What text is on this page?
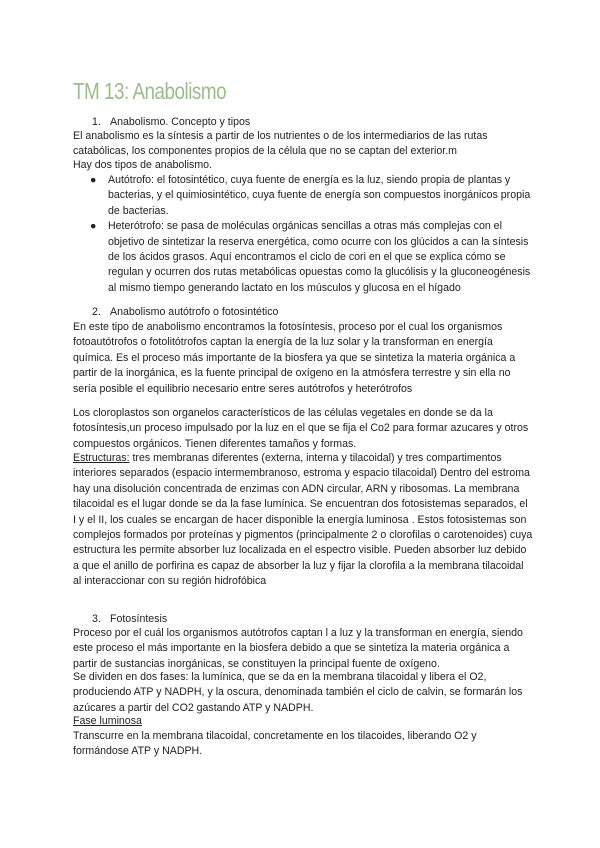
TM 13: Anabolismo
1. Anabolismo. Concepto y tipos

El anabolismo es la síntesis a partir de los nutrientes o de los intermediarios de las rutas catabólicas, los componentes propios de la célula que no se captan del exterior.m

Hay dos tipos de anabolismo.

● Autótrofo: el fotosintético, cuya fuente de energía es la luz, siendo propia de plantas y bacterias, y el quimiosintético, cuya fuente de energía son compuestos inorgánicos propia de bacterias.
● Heterótrofo: se pasa de moléculas orgánicas sencillas a otras más complejas con el objetivo de sintetizar la reserva energética, como ocurre con los glúcidos a can la síntesis de los ácidos grasos. Aquí encontramos el ciclo de cori en el que se explica cómo se regulan y ocurren dos rutas metabólicas opuestas como la glucólisis y la gluconeogénesis al mismo tiempo generando lactato en los músculos y glucosa en el hígado
2. Anabolismo autótrofo o fotosintético

En este tipo de anabolismo encontramos la fotosíntesis, proceso por el cual los organismos fotoautótrofos o fotolitótrofos captan la energía de la luz solar y la transforman en energía química. Es el proceso más importante de la biosfera ya que se sintetiza la materia orgánica a partir de la inorgánica, es la fuente principal de oxígeno en la atmósfera terrestre y sin ella no sería posible el equilibrio necesario entre seres autótrofos y heterótrofos

Los cloroplastos son organelos característicos de las células vegetales en donde se da la fotosíntesis,un proceso impulsado por la luz en el que se fija el Co2 para formar azucares y otros compuestos orgánicos. Tienen diferentes tamaños y formas.

Estructuras: tres membranas diferentes (externa, interna y tilacoidal) y tres compartimentos interiores separados (espacio intermembranoso, estroma y espacio tilacoidal) Dentro del estroma hay una disolución concentrada de enzimas con ADN circular, ARN y ribosomas. La membrana tilacoidal es el lugar donde se da la fase lumínica. Se encuentran dos fotosistemas separados, el I y el II, los cuales se encargan de hacer disponible la energía luminosa . Estos fotosistemas son complejos formados por proteínas y pigmentos (principalmente 2 o clorofilas o carotenoides) cuya estructura les permite absorber luz localizada en el espectro visible. Pueden absorber luz debido a que el anillo de porfirina es capaz de absorber la luz y fijar la clorofila a la membrana tilacoidal al interaccionar con su región hidrofóbica

3. Fotosíntesis

Proceso por el cuál los organismos autótrofos captan l a luz y la transforman en energía, siendo este proceso el más importante en la biosfera debido a que se sintetiza la materia orgánica a partir de sustancias inorgánicas, se constituyen la principal fuente de oxígeno.

Se dividen en dos fases: la lumínica, que se da en la membrana tilacoidal y libera el O2, produciendo ATP y NADPH, y la oscura, denominada también el ciclo de calvin, se formarán los azúcares a partir del CO2 gastando ATP y NADPH.

Fase luminosa

Transcurre en la membrana tilacoidal, concretamente en los tilacoides, liberando O2 y formándose ATP y NADPH.
